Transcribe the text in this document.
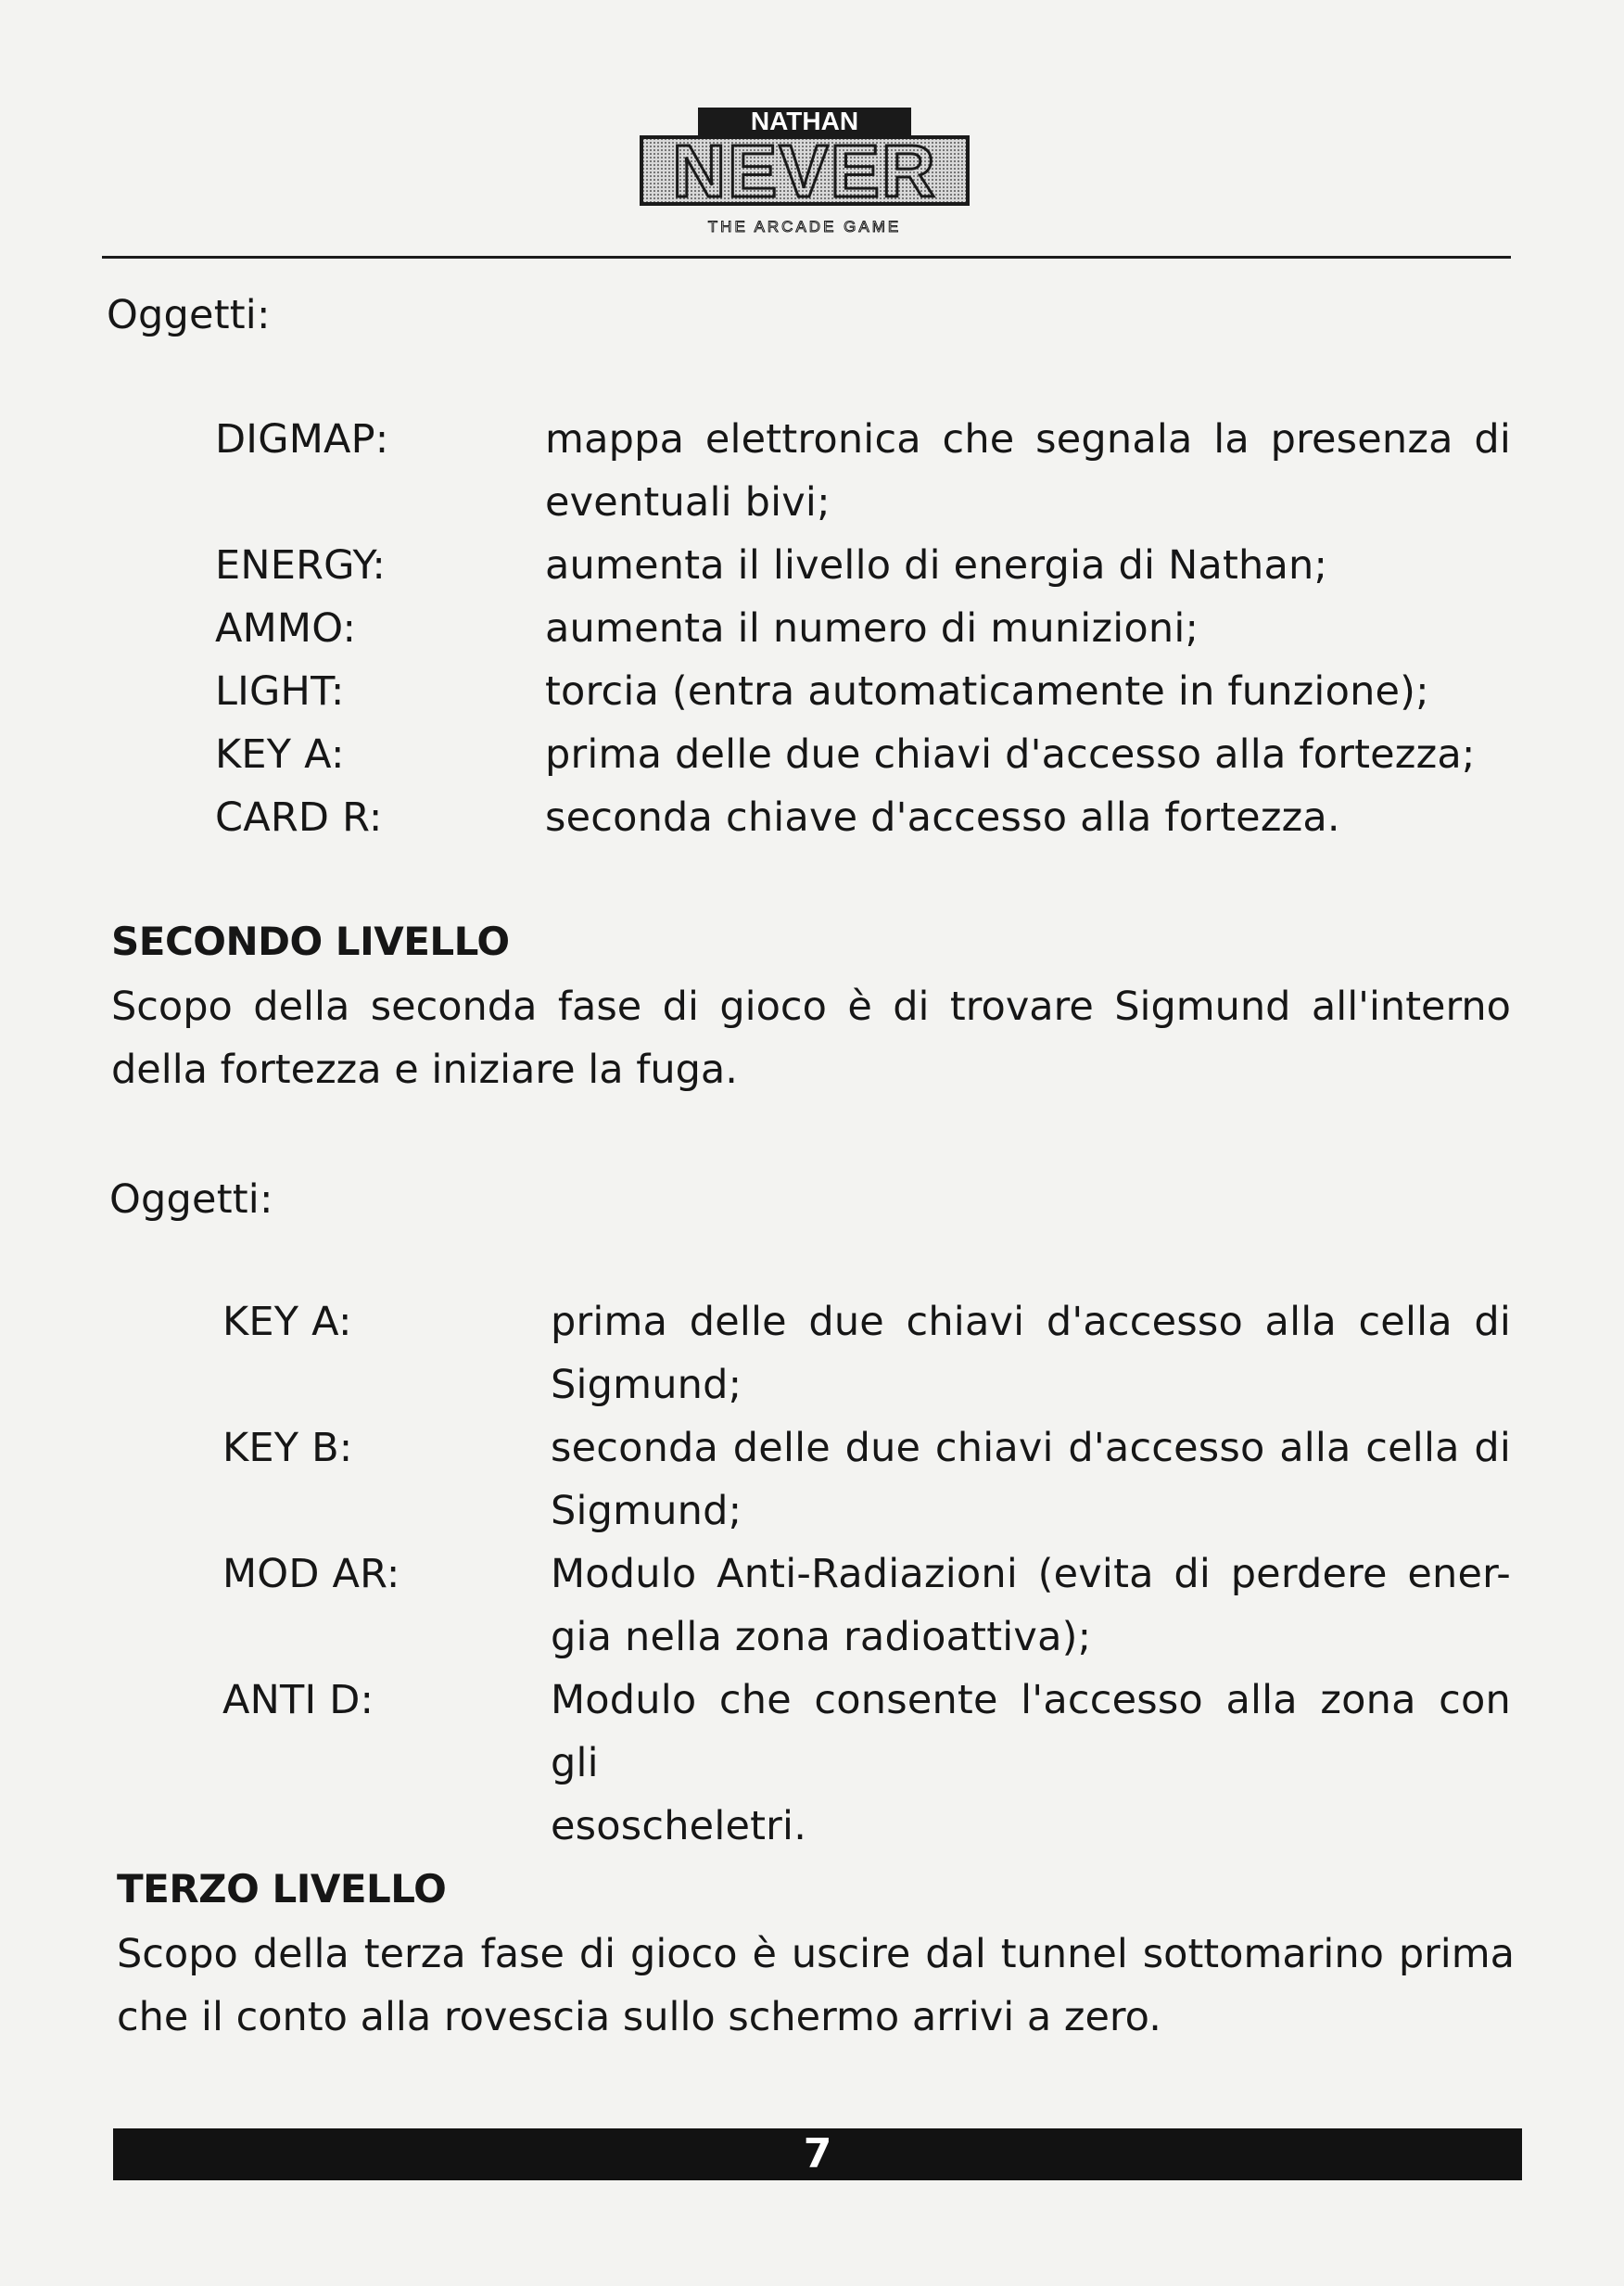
NATHAN
NEVER
THE ARCADE GAME
Oggetti:
DIGMAP:	mappa elettronica che segnala la presenza di
eventuali bivi;
ENERGY:	aumenta il livello di energia di Nathan;
AMMO:	aumenta il numero di munizioni;
LIGHT:	torcia (entra automaticamente in funzione);
KEY A:	prima delle due chiavi d'accesso alla fortezza;
CARD R:	seconda chiave d'accesso alla fortezza.
SECONDO LIVELLO
Scopo della seconda fase di gioco è di trovare Sigmund all'interno
della fortezza e iniziare la fuga.
Oggetti:
KEY A:	prima delle due chiavi d'accesso alla cella di
Sigmund;
KEY B:	seconda delle due chiavi d'accesso alla cella di
Sigmund;
MOD AR:	Modulo Anti-Radiazioni (evita di perdere ener-
gia nella zona radioattiva);
ANTI D:	Modulo che consente l'accesso alla zona con gli
esoscheletri.
TERZO LIVELLO
Scopo della terza fase di gioco è uscire dal tunnel sottomarino prima
che il conto alla rovescia sullo schermo arrivi a zero.
7
